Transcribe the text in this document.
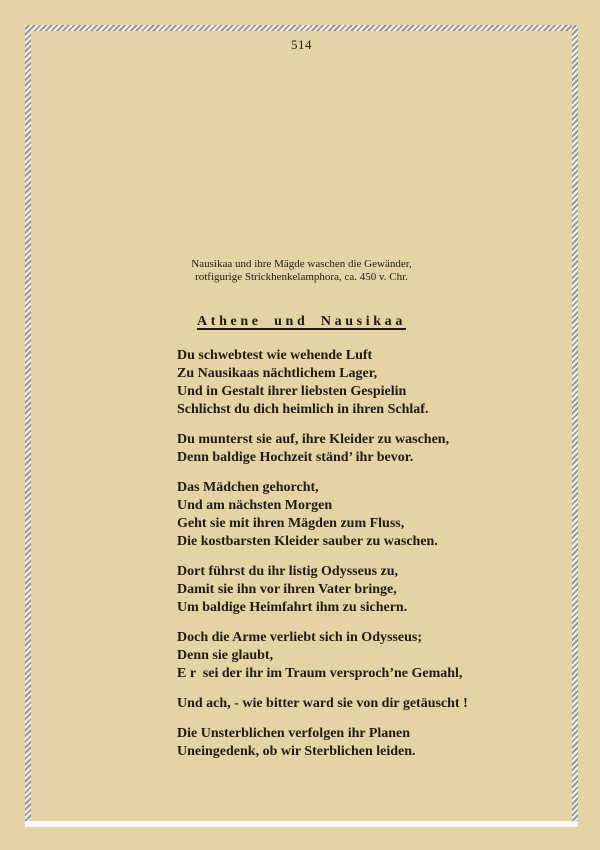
514
Nausikaa und ihre Mägde waschen die Gewänder,
rotfigurige Strickhenkelamphora, ca. 450 v. Chr.
Athene und Nausikaa
Du schwebtest wie wehende Luft
Zu Nausikaas nächtlichem Lager,
Und in Gestalt ihrer liebsten Gespielin
Schlichst du dich heimlich in ihren Schlaf.
Du munterst sie auf, ihre Kleider zu waschen,
Denn baldige Hochzeit ständ’ ihr bevor.
Das Mädchen gehorcht,
Und am nächsten Morgen
Geht sie mit ihren Mägden zum Fluss,
Die kostbarsten Kleider sauber zu waschen.
Dort führst du ihr listig Odysseus zu,
Damit sie ihn vor ihren Vater bringe,
Um baldige Heimfahrt ihm zu sichern.
Doch die Arme verliebt sich in Odysseus;
Denn sie glaubt,
E r  sei der ihr im Traum versproch’ne Gemahl,
Und ach, - wie bitter ward sie von dir getäuscht !
Die Unsterblichen verfolgen ihr Planen
Uneingedenk, ob wir Sterblichen leiden.
